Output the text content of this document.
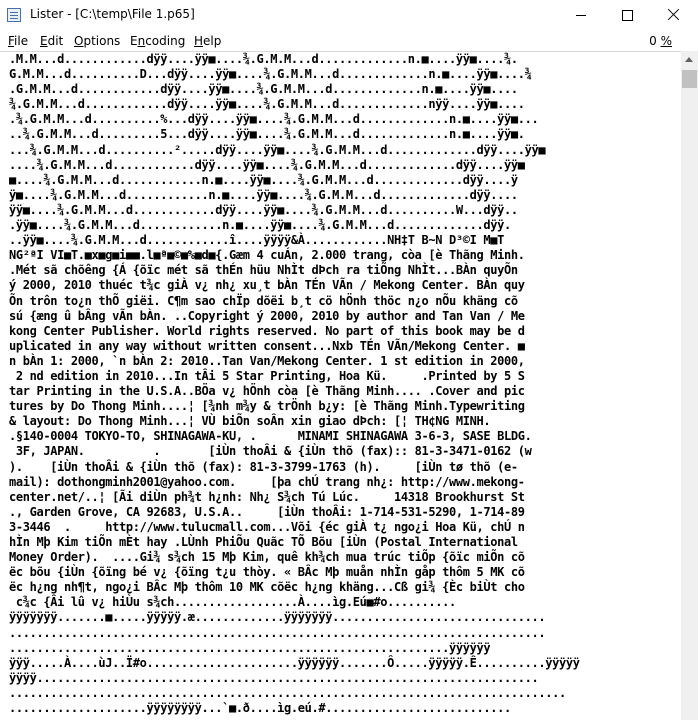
Lister - [C:\temp\File 1.p65]
File Edit Options Encoding Help	0 %
.M.M...d............dÿÿ....ÿÿ■....¾.G.M.M...d.............n.■....ÿÿ■....¾.
G.M.M...d..........D...dÿÿ....ÿÿ■....¾.G.M.M...d.............n.■....ÿÿ■....¾
.G.M.M...d............dÿÿ....ÿÿ■....¾.G.M.M...d.............n.■....ÿÿ■....
¾.G.M.M...d............dÿÿ....ÿÿ■....¾.G.M.M...d.............nÿÿ....ÿÿ■....
.¾.G.M.M...d..........%...dÿÿ....ÿÿ■....¾.G.M.M...d.............n.■....ÿÿ■...
..¾.G.M.M...d.........5...dÿÿ....ÿÿ■....¾.G.M.M...d.............n.■....ÿÿ■.
...¾.G.M.M...d..........².....dÿÿ....ÿÿ■....¾.G.M.M...d.............dÿÿ....ÿÿ■
....¾.G.M.M...d............dÿÿ....ÿÿ■....¾.G.M.M...d.............dÿÿ....ÿÿ■
■....¾.G.M.M...d............n.■....ÿÿ■....¾.G.M.M...d.............dÿÿ....ÿ
ÿ■....¾.G.M.M...d............n.■....ÿÿ■....¾.G.M.M...d.............dÿÿ....
ÿÿ■....¾.G.M.M...d............dÿÿ....ÿÿ■....¾.G.M.M...d..........W...dÿÿ..
.ÿÿ■....¾.G.M.M...d............n.■....ÿÿ■....¾.G.M.M...d.............dÿÿ.
..ÿÿ■....¾.G.M.M...d............î....ÿÿÿÿ&À............NH‡T B~N D³©I M■T
NG²ªI VI■T.■x■g■i■■.l■ª■©■%■d■{.Gæm 4 cuÁn, 2.000 trang, còa [è Thãng Minh.
.Mét sã chõêng {Á {õïc mét sã thÉn hüu NhÌt dÞch ra tiÕng NhÌt...BÀn quyÕn
ý 2000, 2010 thuéc t¾c giÀ v¿ nh¿ xu¸t bÀn TÉn VÃn / Mekong Center. BÀn quy
Õn trôn to¿n thÕ giëi. C¶m sao chÏp dõëi b¸t cö hÖnh thöc n¿o nÕu khäng cõ
sú {æng û bÂng vÃn bÀn. ..Copyright ý 2000, 2010 by author and Tan Van / Me
kong Center Publisher. World rights reserved. No part of this book may be d
uplicated in any way without written consent...Nxb TÉn VÃn/Mekong Center. ■
n bÀn 1: 2000, `n bÀn 2: 2010..Tan Van/Mekong Center. 1 st edition in 2000,
2 nd edition in 2010...In tÂi 5 Star Printing, Hoa Kü.     .Printed by 5 S
tar Printing in the U.S.A..BÖa v¿ hÖnh còa [è Thãng Minh.... .Cover and pic
tures by Do Thong Minh....¦ [¾nh m¾y & trÖnh b¿y: [è Thãng Minh.Typewriting
& layout: Do Thong Minh...¦ VÙ biÕn soÂn xin giao dÞch: [¦ TH¢NG MINH.
.§140-0004 TOKYO-TO, SHINAGAWA-KU, .      MINAMI SHINAGAWA 3-6-3, SASE BLDG.
3F, JAPAN.          .       [iÙn thoÂi & {iÙn thõ (fax):: 81-3-3471-0162 (w
).    [iÙn thoÂi & {iÙn thõ (fax): 81-3-3799-1763 (h).     [iÙn tø thõ (e-
mail): dothongminh2001@yahoo.com.     [þa chÚ trang nh¿: http://www.mekong-
center.net/..¦ [Ãi diÙn ph¾t h¿nh: Nh¿ S¾ch Tú Lúc.     14318 Brookhurst St
., Garden Grove, CA 92683, U.S.A..     [iÙn thoÂi: 1-714-531-5290, 1-714-89
3-3446  .     http://www.tulucmall.com...Või {éc giÀ t¿ ngo¿i Hoa Kü, chÚ n
hÌn Mþ Kim tiÕn mÈt hay .LÙnh PhiÕu Quãc TÕ Bõu [iÙn (Postal International
Money Order).  ....Gi¾ s¾ch 15 Mþ Kim, quê kh¾ch mua trúc tiÕp {õïc miÕn cõ
ëc bõu {iÙn {õïng bé v¿ {õïng t¿u thòy. « BÂc Mþ muån nhÌn gåp thôm 5 MK cõ
ëc h¿ng nh¶t, ngo¿i BÂc Mþ thôm 10 MK cõëc h¿ng khäng...Cß gi¾ {Èc biÙt cho
c¾c {Âi lû v¿ hiÙu s¾ch..................À....ìg.Eú■#o..........
ÿÿÿÿÿÿÿ.......■.....ÿÿÿÿÿ.æ.............ÿÿÿÿÿÿÿ...............................
..............................................................................
................................................................ÿÿÿÿÿÿ
ÿÿÿ.....À....ùJ..Ï#o......................ÿÿÿÿÿÿ.......Ô.....ÿÿÿÿÿ.Ê..........ÿÿÿÿÿ
ÿÿÿÿ.........................................................................
.................................................................................
....................ÿÿÿÿÿÿÿÿ...`■.ð....ìg.eú.#...........................
